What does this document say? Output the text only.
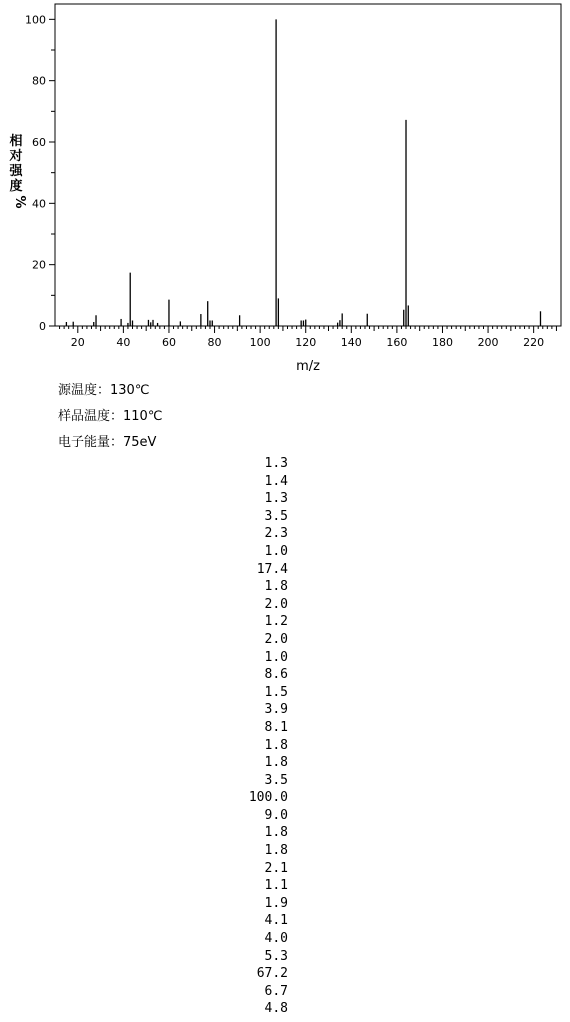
0
20
40
60
80
100
20	40	60	80	100 120 140 160 180 200 220
m/z
相
对
强
度
%
源温度：130℃
样品温度：110℃
电子能量：75eV
1.3
1.4
1.3
3.5
2.3
1.0
17.4
1.8
2.0
1.2
2.0
1.0
8.6
1.5
3.9
8.1
1.8
1.8
3.5
100.0
9.0
1.8
1.8
2.1
1.1
1.9
4.1
4.0
5.3
67.2
6.7
4.8
